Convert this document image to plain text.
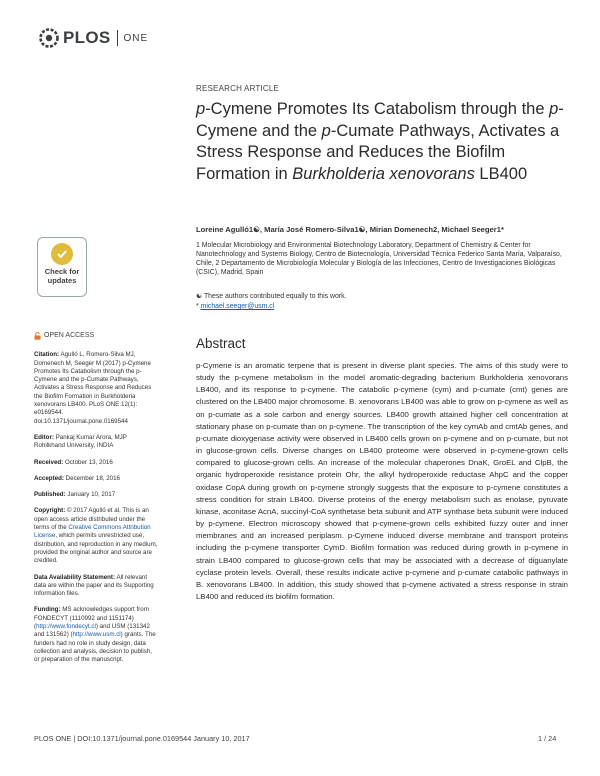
PLOS ONE
Check for updates
OPEN ACCESS

Citation: Agulló L, Romero-Silva MJ, Domenech M, Seeger M (2017) p-Cymene Promotes Its Catabolism through the p-Cymene and the p-Cumate Pathways, Activates a Stress Response and Reduces the Biofilm Formation in Burkholderia xenovorans LB400. PLoS ONE 12(1): e0169544. doi:10.1371/journal.pone.0169544

Editor: Pankaj Kumar Arora, MJP Rohilkhand University, INDIA

Received: October 13, 2016

Accepted: December 18, 2016

Published: January 10, 2017

Copyright: © 2017 Agulló et al. This is an open access article distributed under the terms of the Creative Commons Attribution License, which permits unrestricted use, distribution, and reproduction in any medium, provided the original author and source are credited.

Data Availability Statement: All relevant data are within the paper and its Supporting Information files.

Funding: MS acknowledges support from FONDECYT (1110992 and 1151174) (http://www.fondecyt.cl) and USM (131342 and 131562) (http://www.usm.cl) grants. The funders had no role in study design, data collection and analysis, decision to publish, or preparation of the manuscript.

RESEARCH ARTICLE
p-Cymene Promotes Its Catabolism through the p-Cymene and the p-Cumate Pathways, Activates a Stress Response and Reduces the Biofilm Formation in Burkholderia xenovorans LB400
Loreine Agulló1☯, María José Romero-Silva1☯, Mirian Domenech2, Michael Seeger1*
1 Molecular Microbiology and Environmental Biotechnology Laboratory, Department of Chemistry & Center for Nanotechnology and Systems Biology, Centro de Biotecnología, Universidad Técnica Federico Santa María, Valparaíso, Chile, 2 Departamento de Microbiología Molecular y Biología de las Infecciones, Centro de Investigaciones Biológicas (CSIC), Madrid, Spain
☯ These authors contributed equally to this work.
* michael.seeger@usm.cl
Abstract
p-Cymene is an aromatic terpene that is present in diverse plant species. The aims of this study were to study the p-cymene metabolism in the model aromatic-degrading bacterium Burkholderia xenovorans LB400, and its response to p-cymene. The catabolic p-cymene (cym) and p-cumate (cmt) genes are clustered on the LB400 major chromosome. B. xenovorans LB400 was able to grow on p-cymene as well as on p-cumate as a sole carbon and energy sources. LB400 growth attained higher cell concentration at stationary phase on p-cumate than on p-cymene. The transcription of the key cymAb and cmtAb genes, and p-cumate dioxygenase activity were observed in LB400 cells grown on p-cymene and on p-cumate, but not in glucose-grown cells. Diverse changes on LB400 proteome were observed in p-cymene-grown cells compared to glucose-grown cells. An increase of the molecular chaperones DnaK, GroEL and ClpB, the organic hydroperoxide resistance protein Ohr, the alkyl hydroperoxide reductase AhpC and the copper oxidase CopA during growth on p-cymene strongly suggests that the exposure to p-cymene constitutes a stress condition for strain LB400. Diverse proteins of the energy metabolism such as enolase, pyruvate kinase, aconitase AcnA, succinyl-CoA synthetase beta subunit and ATP synthase beta subunit were induced by p-cymene. Electron microscopy showed that p-cymene-grown cells exhibited fuzzy outer and inner membranes and an increased periplasm. p-Cymene induced diverse membrane and transport proteins including the p-cymene transporter CymD. Biofilm formation was reduced during growth in p-cymene in strain LB400 compared to glucose-grown cells that may be associated with a decrease of diguanylate cyclase protein levels. Overall, these results indicate active p-cymene and p-cumate catabolic pathways in B. xenovorans LB400. In addition, this study showed that p-cymene activated a stress response in strain LB400 and reduced its biofilm formation.
PLOS ONE | DOI:10.1371/journal.pone.0169544 January 10, 2017	1 / 24
